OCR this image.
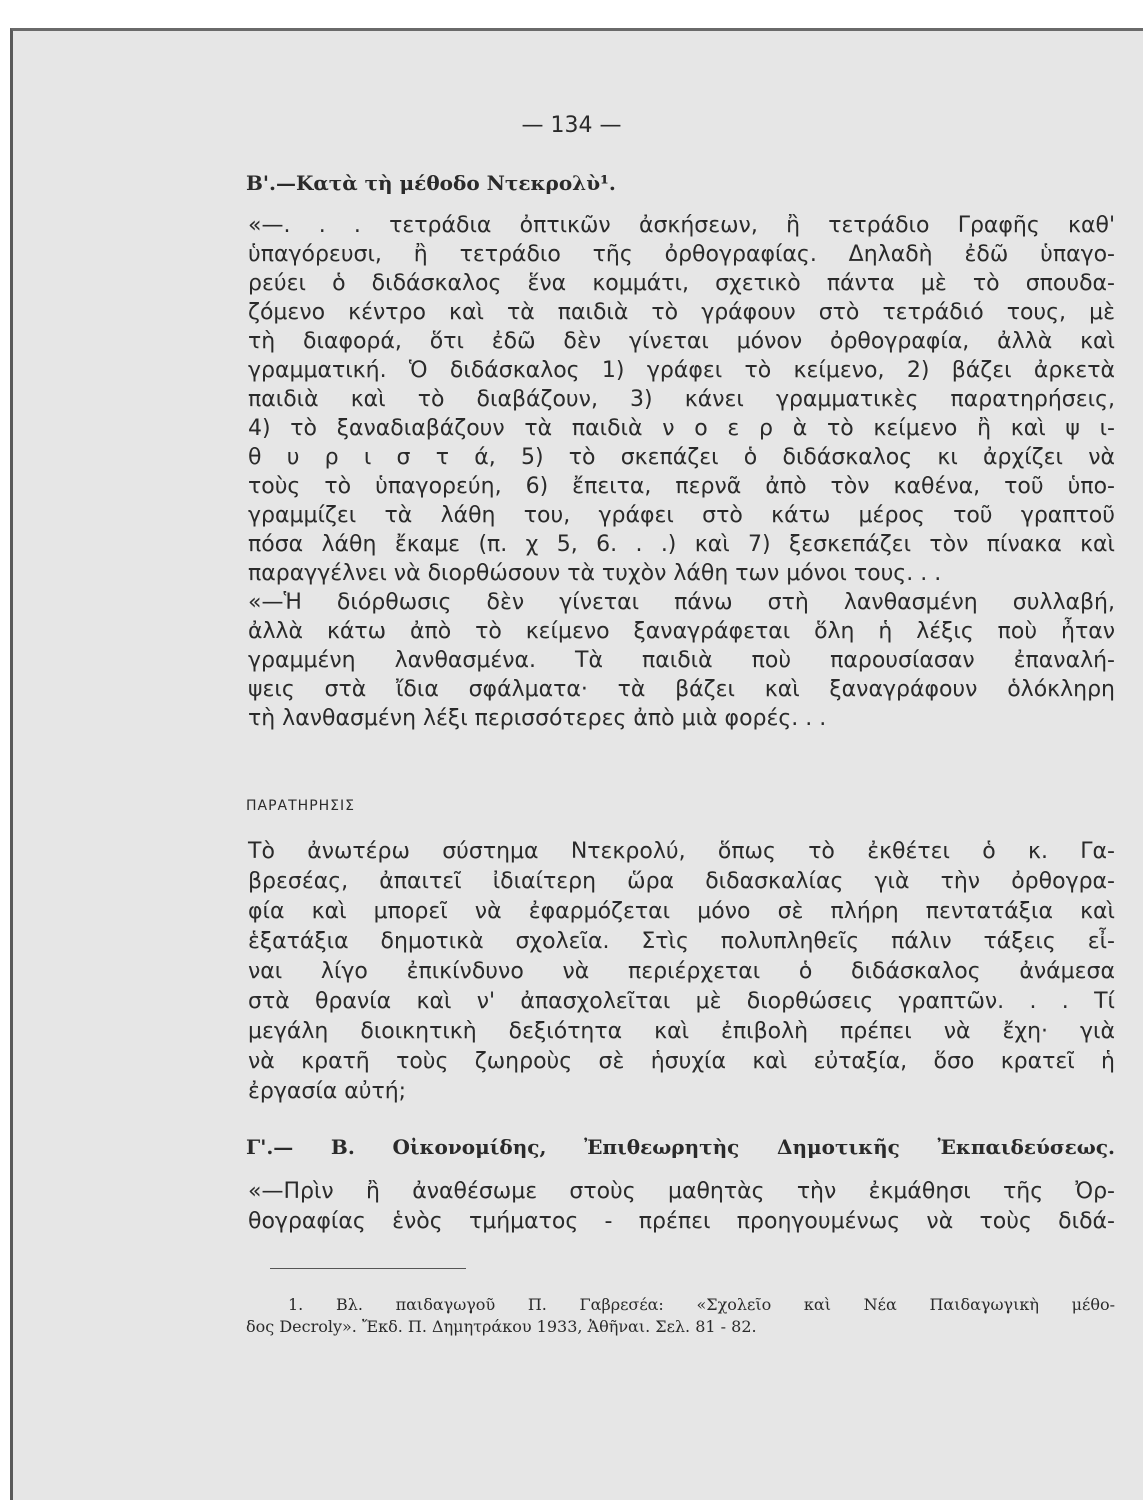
— 134 —
Β'.—Κατὰ τὴ μέθοδο Ντεκρολὺ¹.
«—. . . τετράδια ὀπτικῶν ἀσκήσεων, ἢ τετράδιο Γραφῆς καθ'
ὑπαγόρευσι, ἢ τετράδιο τῆς ὀρθογραφίας. Δηλαδὴ ἐδῶ ὑπαγο-
ρεύει ὁ διδάσκαλος ἕνα κομμάτι, σχετικὸ πάντα μὲ τὸ σπουδα-
ζόμενο κέντρο καὶ τὰ παιδιὰ τὸ γράφουν στὸ τετράδιό τους, μὲ
τὴ διαφορά, ὅτι ἐδῶ δὲν γίνεται μόνον ὀρθογραφία, ἀλλὰ καὶ
γραμματική. Ὁ διδάσκαλος 1) γράφει τὸ κείμενο, 2) βάζει ἀρκετὰ
παιδιὰ καὶ τὸ διαβάζουν, 3) κάνει γραμματικὲς παρατηρήσεις,
4) τὸ ξαναδιαβάζουν τὰ παιδιὰ ν ο ε ρ ὰ τὸ κείμενο ἢ καὶ ψ ι-
θ υ ρ ι σ τ ά, 5) τὸ σκεπάζει ὁ διδάσκαλος κι ἀρχίζει νὰ
τοὺς τὸ ὑπαγορεύη, 6) ἔπειτα, περνᾶ ἀπὸ τὸν καθένα, τοῦ ὑπο-
γραμμίζει τὰ λάθη του, γράφει στὸ κάτω μέρος τοῦ γραπτοῦ
πόσα λάθη ἔκαμε (π. χ 5, 6. . .) καὶ 7) ξεσκεπάζει τὸν πίνακα καὶ
παραγγέλνει νὰ διορθώσουν τὰ τυχὸν λάθη των μόνοι τους. . .
«—Ἡ διόρθωσις δὲν γίνεται πάνω στὴ λανθασμένη συλλαβή,
ἀλλὰ κάτω ἀπὸ τὸ κείμενο ξαναγράφεται ὅλη ἡ λέξις ποὺ ἦταν
γραμμένη λανθασμένα. Τὰ παιδιὰ ποὺ παρουσίασαν ἐπαναλή-
ψεις στὰ ἴδια σφάλματα· τὰ βάζει καὶ ξαναγράφουν ὁλόκληρη
τὴ λανθασμένη λέξι περισσότερες ἀπὸ μιὰ φορές. . .
ΠΑΡΑΤΗΡΗΣΙΣ
Τὸ ἀνωτέρω σύστημα Ντεκρολύ, ὅπως τὸ ἐκθέτει ὁ κ. Γα-
βρεσέας, ἀπαιτεῖ ἰδιαίτερη ὥρα διδασκαλίας γιὰ τὴν ὀρθογρα-
φία καὶ μπορεῖ νὰ ἐφαρμόζεται μόνο σὲ πλήρη πεντατάξια καὶ
ἑξατάξια δημοτικὰ σχολεῖα. Στὶς πολυπληθεῖς πάλιν τάξεις εἶ-
ναι λίγο ἐπικίνδυνο νὰ περιέρχεται ὁ διδάσκαλος ἀνάμεσα
στὰ θρανία καὶ ν' ἀπασχολεῖται μὲ διορθώσεις γραπτῶν. . . Τί
μεγάλη διοικητικὴ δεξιότητα καὶ ἐπιβολὴ πρέπει νὰ ἔχη· γιὰ
νὰ κρατῆ τοὺς ζωηροὺς σὲ ἡσυχία καὶ εὐταξία, ὅσο κρατεῖ ἡ
ἐργασία αὐτή;
Γ'.— Β. Οἰκονομίδης, Ἐπιθεωρητὴς Δημοτικῆς Ἐκπαιδεύσεως.
«—Πρὶν ἢ ἀναθέσωμε στοὺς μαθητὰς τὴν ἐκμάθησι τῆς Ὀρ-
θογραφίας ἑνὸς τμήματος - πρέπει προηγουμένως νὰ τοὺς διδά-
1. Βλ. παιδαγωγοῦ Π. Γαβρεσέα: «Σχολεῖο καὶ Νέα Παιδαγωγικὴ μέθο-
δος Decroly». Ἔκδ. Π. Δημητράκου 1933, Ἀθῆναι. Σελ. 81 - 82.
